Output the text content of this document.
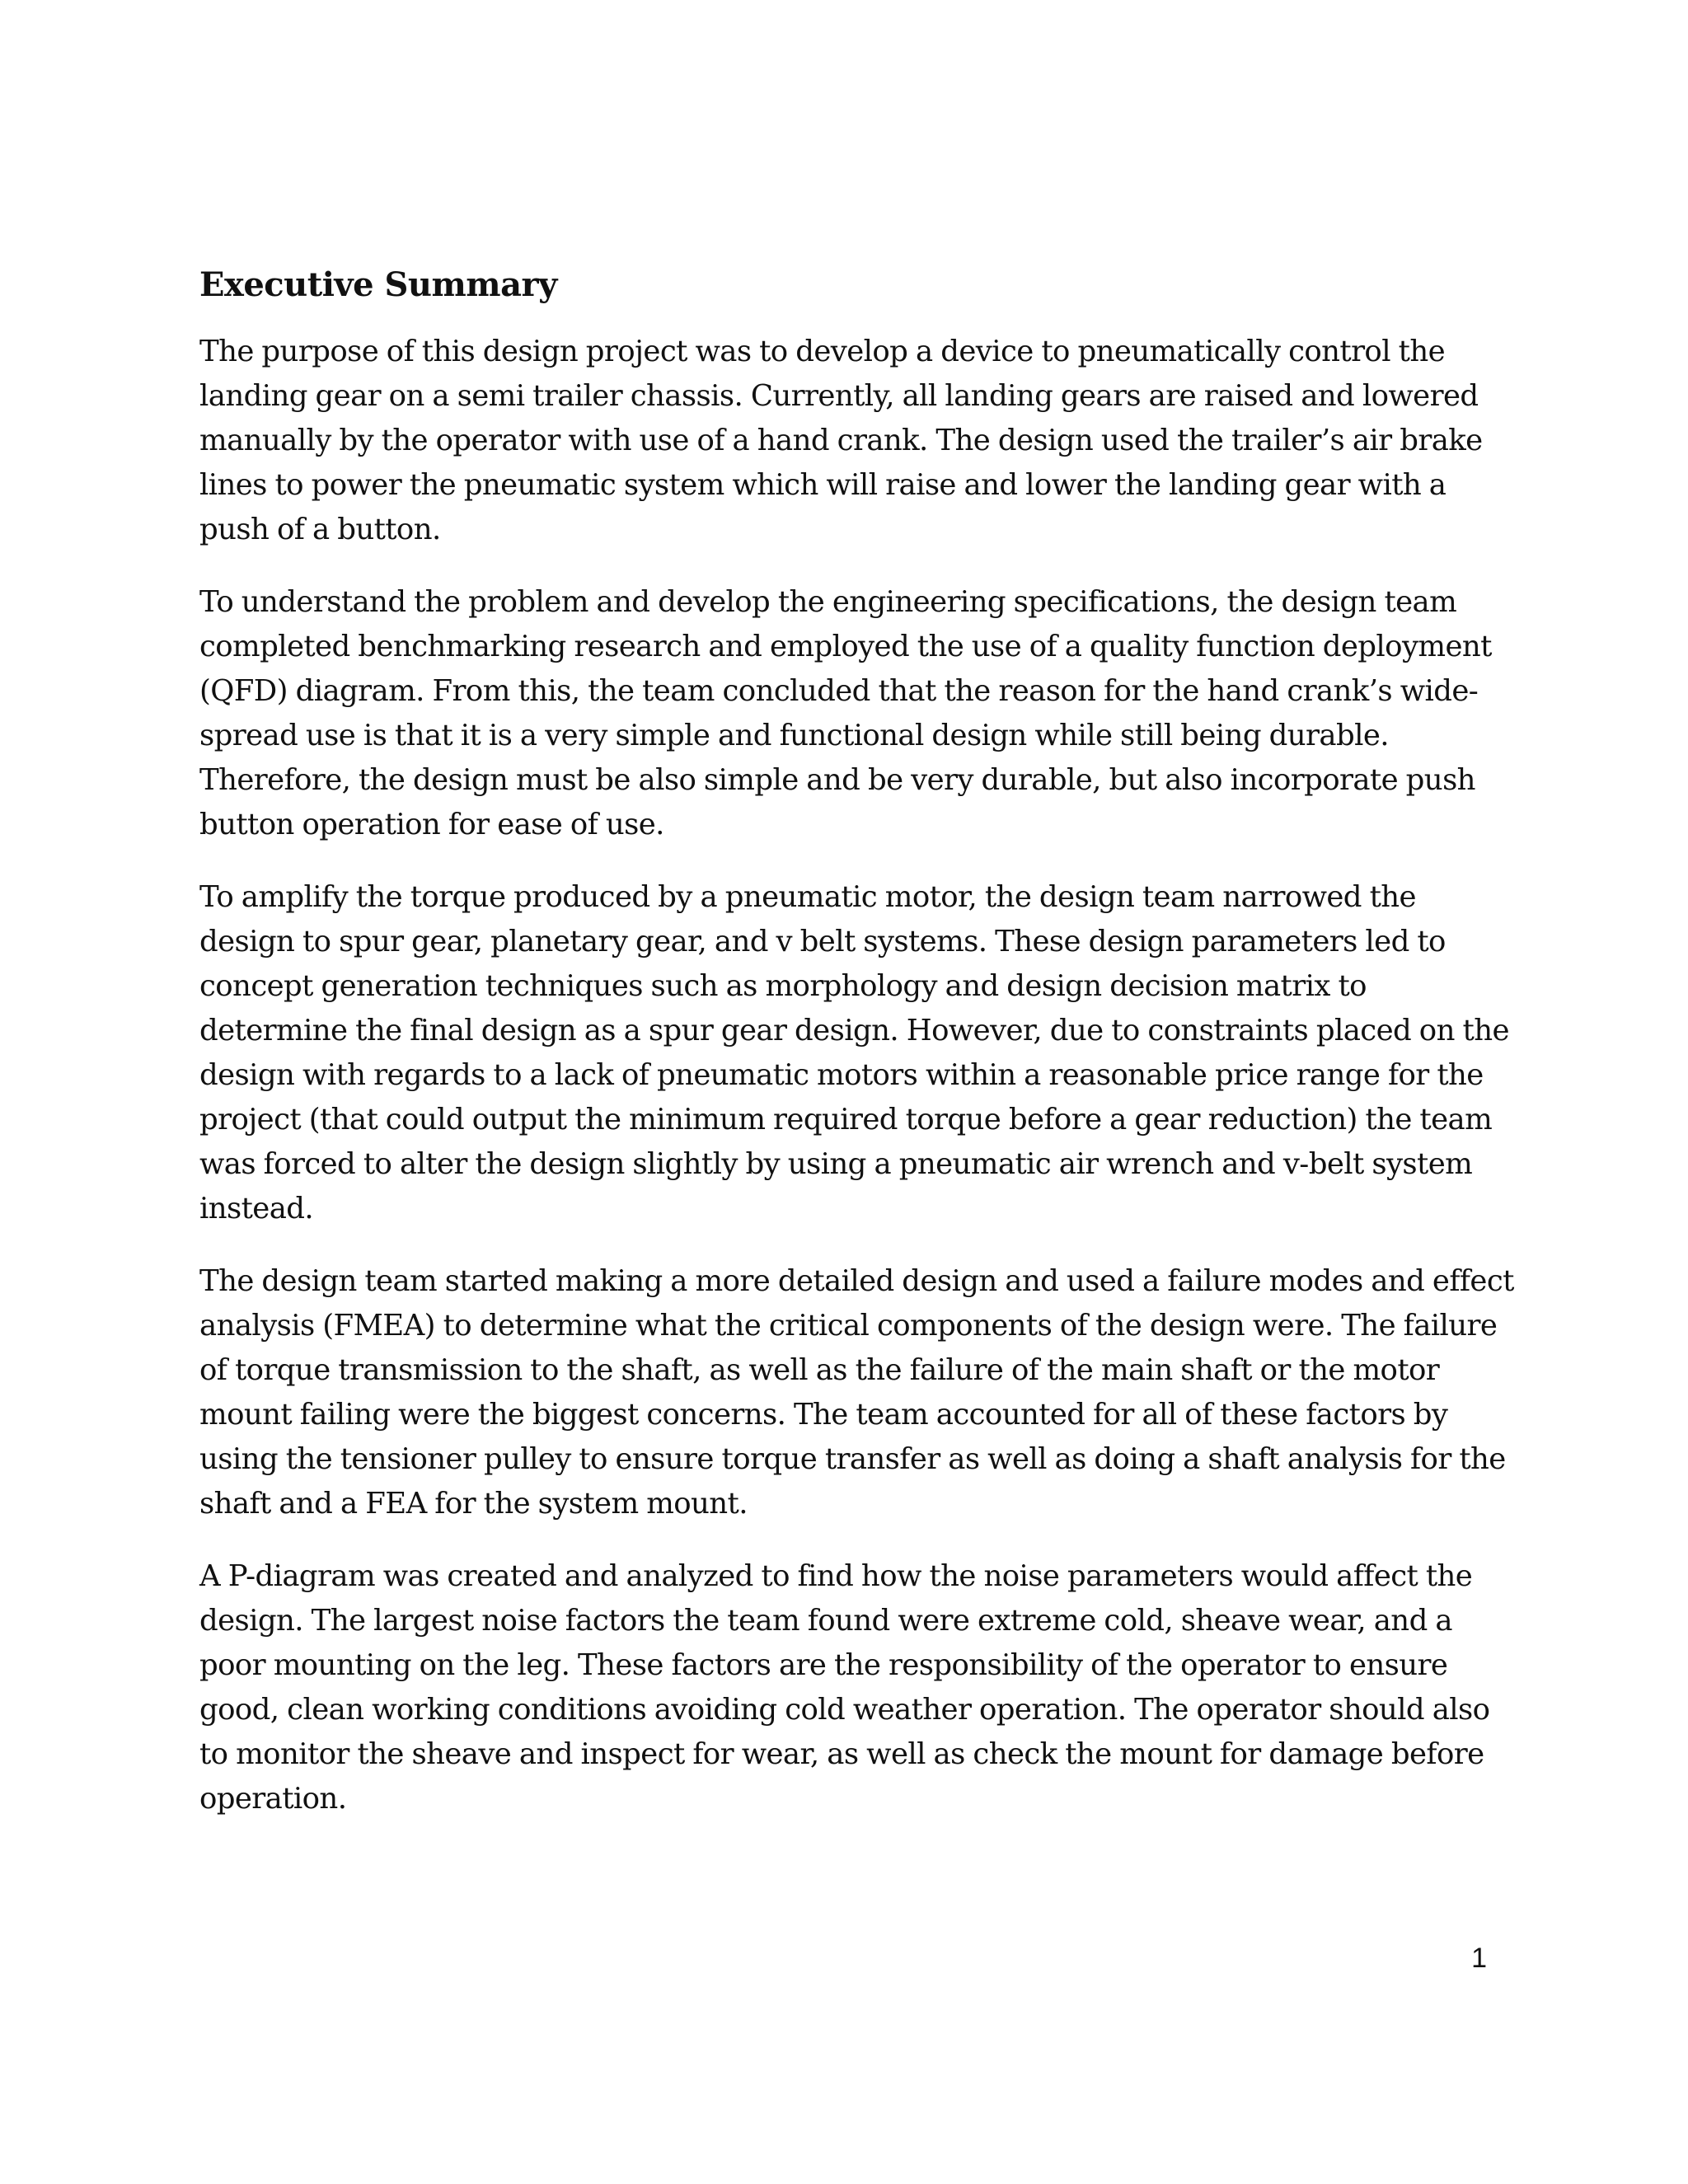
Executive Summary

The purpose of this design project was to develop a device to pneumatically control the landing gear on a semi trailer chassis. Currently, all landing gears are raised and lowered manually by the operator with use of a hand crank. The design used the trailer’s air brake lines to power the pneumatic system which will raise and lower the landing gear with a push of a button.

To understand the problem and develop the engineering specifications, the design team completed benchmarking research and employed the use of a quality function deployment (QFD) diagram. From this, the team concluded that the reason for the hand crank’s wide-spread use is that it is a very simple and functional design while still being durable. Therefore, the design must be also simple and be very durable, but also incorporate push button operation for ease of use.

To amplify the torque produced by a pneumatic motor, the design team narrowed the design to spur gear, planetary gear, and v belt systems. These design parameters led to concept generation techniques such as morphology and design decision matrix to determine the final design as a spur gear design. However, due to constraints placed on the design with regards to a lack of pneumatic motors within a reasonable price range for the project (that could output the minimum required torque before a gear reduction) the team was forced to alter the design slightly by using a pneumatic air wrench and v-belt system instead.

The design team started making a more detailed design and used a failure modes and effect analysis (FMEA) to determine what the critical components of the design were. The failure of torque transmission to the shaft, as well as the failure of the main shaft or the motor mount failing were the biggest concerns. The team accounted for all of these factors by using the tensioner pulley to ensure torque transfer as well as doing a shaft analysis for the shaft and a FEA for the system mount.

A P-diagram was created and analyzed to find how the noise parameters would affect the design. The largest noise factors the team found were extreme cold, sheave wear, and a poor mounting on the leg. These factors are the responsibility of the operator to ensure good, clean working conditions avoiding cold weather operation. The operator should also to monitor the sheave and inspect for wear, as well as check the mount for damage before operation.

1
